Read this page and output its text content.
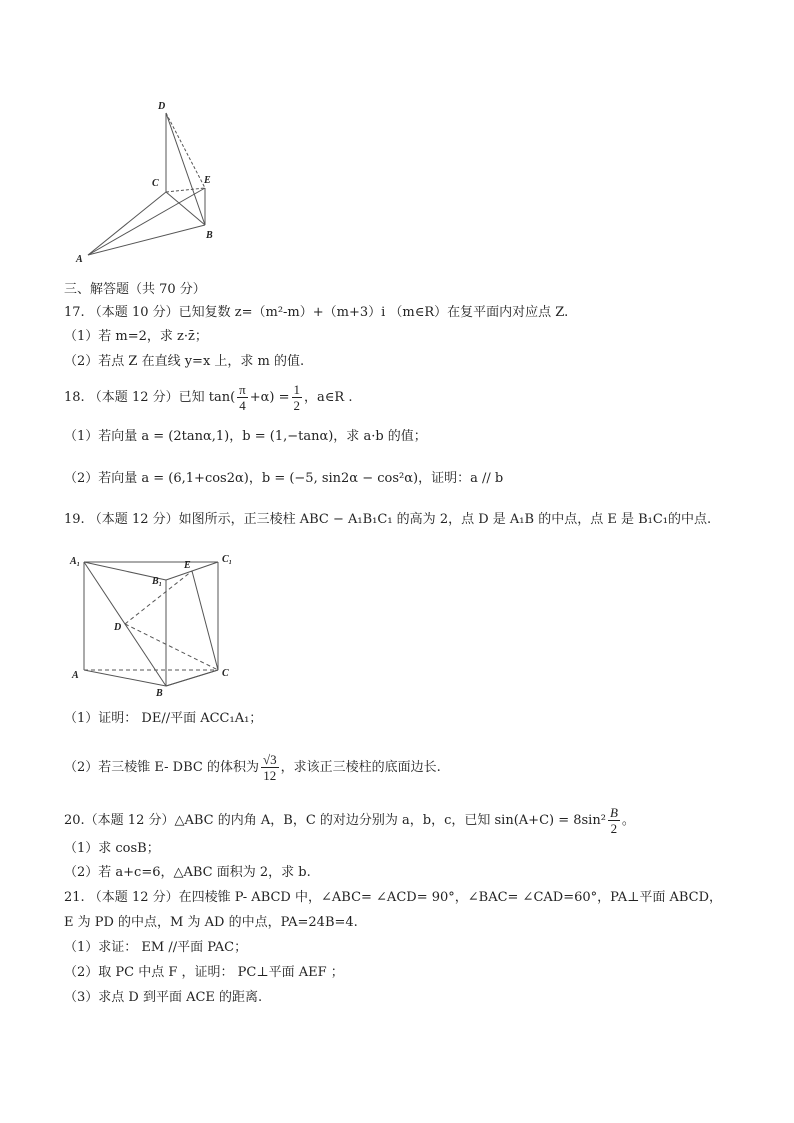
D
C	E
B
A
三、解答题（共 70 分）
17. （本题 10 分）已知复数 z=（m²-m）+（m+3）i （m∈R）在复平面内对应点 Z.
（1）若 m=2，求 z·z̄；
（2）若点 Z 在直线 y=x 上，求 m 的值.
18. （本题 12 分）已知 $\tan( \frac{\pi}{4} +\alpha) = \frac{1}{2}$ ，a∈R .
（1）若向量 a = (2tanα,1)，b = (1,−tanα)，求 a·b 的值；
（2）若向量 a = (6,1+cos2α)，b = (−5, sin2α − cos²α)，证明：a // b
19. （本题 12 分）如图所示，正三棱柱 ABC − A₁B₁C₁ 的高为 2，点 D 是 A₁B 的中点，点 E 是 B₁C₁的中点.
A₁	C₁
B₁
E
D
C
A
B
（1）证明： DE//平面 ACC₁A₁；
（2）若三棱锥 E- DBC 的体积为 $\frac{√3}{12}$ ，求该正三棱柱的底面边长.
20.（本题 12 分）△ABC 的内角 A，B，C 的对边分别为 a，b，c，已知 $\sin(A+C) = 8\sin^2 \frac{B}{2}$ 。
（1）求 cosB；
（2）若 a+c=6，△ABC 面积为 2，求 b.
21. （本题 12 分）在四棱锥 P- ABCD 中，∠ABC= ∠ACD= 90°，∠BAC= ∠CAD=60°，PA⊥平面 ABCD，
E 为 PD 的中点，M 为 AD 的中点，PA=24B=4.
（1）求证： EM //平面 PAC；
（2）取 PC 中点 F ，证明： PC⊥平面 AEF ；
（3）求点 D 到平面 ACE 的距离.
